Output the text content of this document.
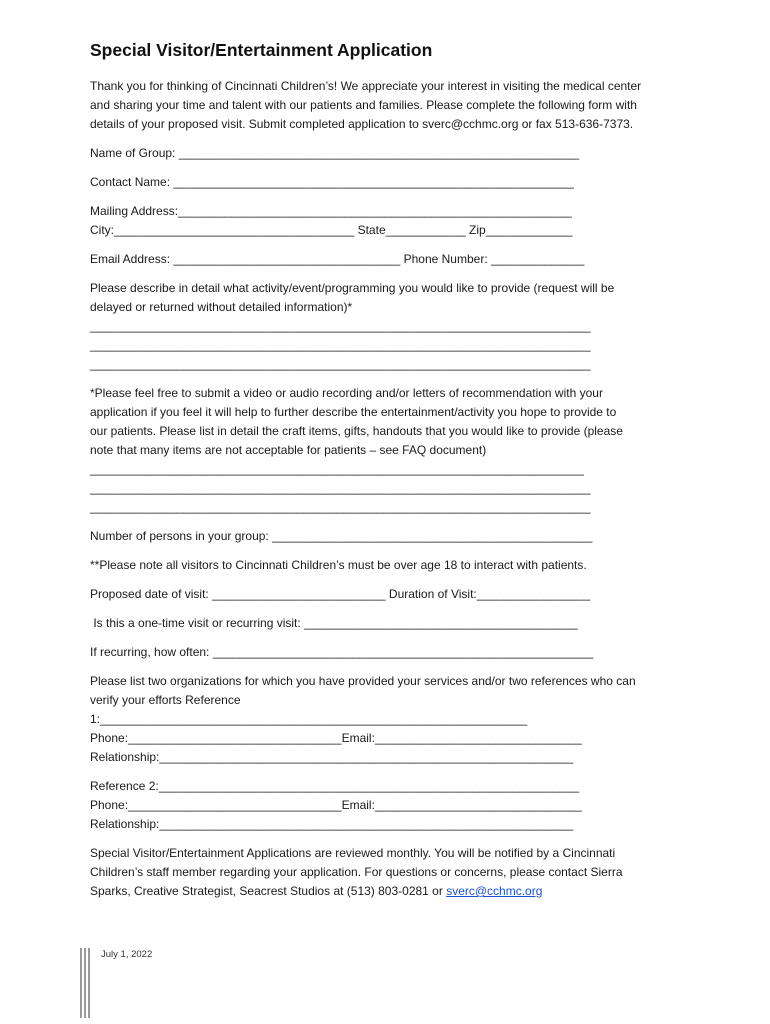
Special Visitor/Entertainment Application

Thank you for thinking of Cincinnati Children’s! We appreciate your interest in visiting the medical center

and sharing your time and talent with our patients and families. Please complete the following form with

details of your proposed visit. Submit completed application to sverc@cchmc.org or fax 513-636-7373.

Name of Group: ____________________________________________________________

Contact Name: ____________________________________________________________

Mailing Address:___________________________________________________________

City:____________________________________ State____________ Zip_____________

Email Address: __________________________________ Phone Number: ______________

Please describe in detail what activity/event/programming you would like to provide (request will be

delayed or returned without detailed information)*

___________________________________________________________________________

___________________________________________________________________________

___________________________________________________________________________

*Please feel free to submit a video or audio recording and/or letters of recommendation with your

application if you feel it will help to further describe the entertainment/activity you hope to provide to

our patients. Please list in detail the craft items, gifts, handouts that you would like to provide (please

note that many items are not acceptable for patients – see FAQ document)

__________________________________________________________________________

___________________________________________________________________________

___________________________________________________________________________

Number of persons in your group: ________________________________________________

**Please note all visitors to Cincinnati Children’s must be over age 18 to interact with patients.

Proposed date of visit: __________________________ Duration of Visit:_________________

Is this a one-time visit or recurring visit: _________________________________________

If recurring, how often: _________________________________________________________

Please list two organizations for which you have provided your services and/or two references who can

verify your efforts Reference

1:________________________________________________________________

Phone:________________________________Email:_______________________________

Relationship:______________________________________________________________

Reference 2:_______________________________________________________________

Phone:________________________________Email:_______________________________

Relationship:______________________________________________________________

Special Visitor/Entertainment Applications are reviewed monthly. You will be notified by a Cincinnati

Children’s staff member regarding your application. For questions or concerns, please contact Sierra

Sparks, Creative Strategist, Seacrest Studios at (513) 803-0281 or sverc@cchmc.org

July 1, 2022
